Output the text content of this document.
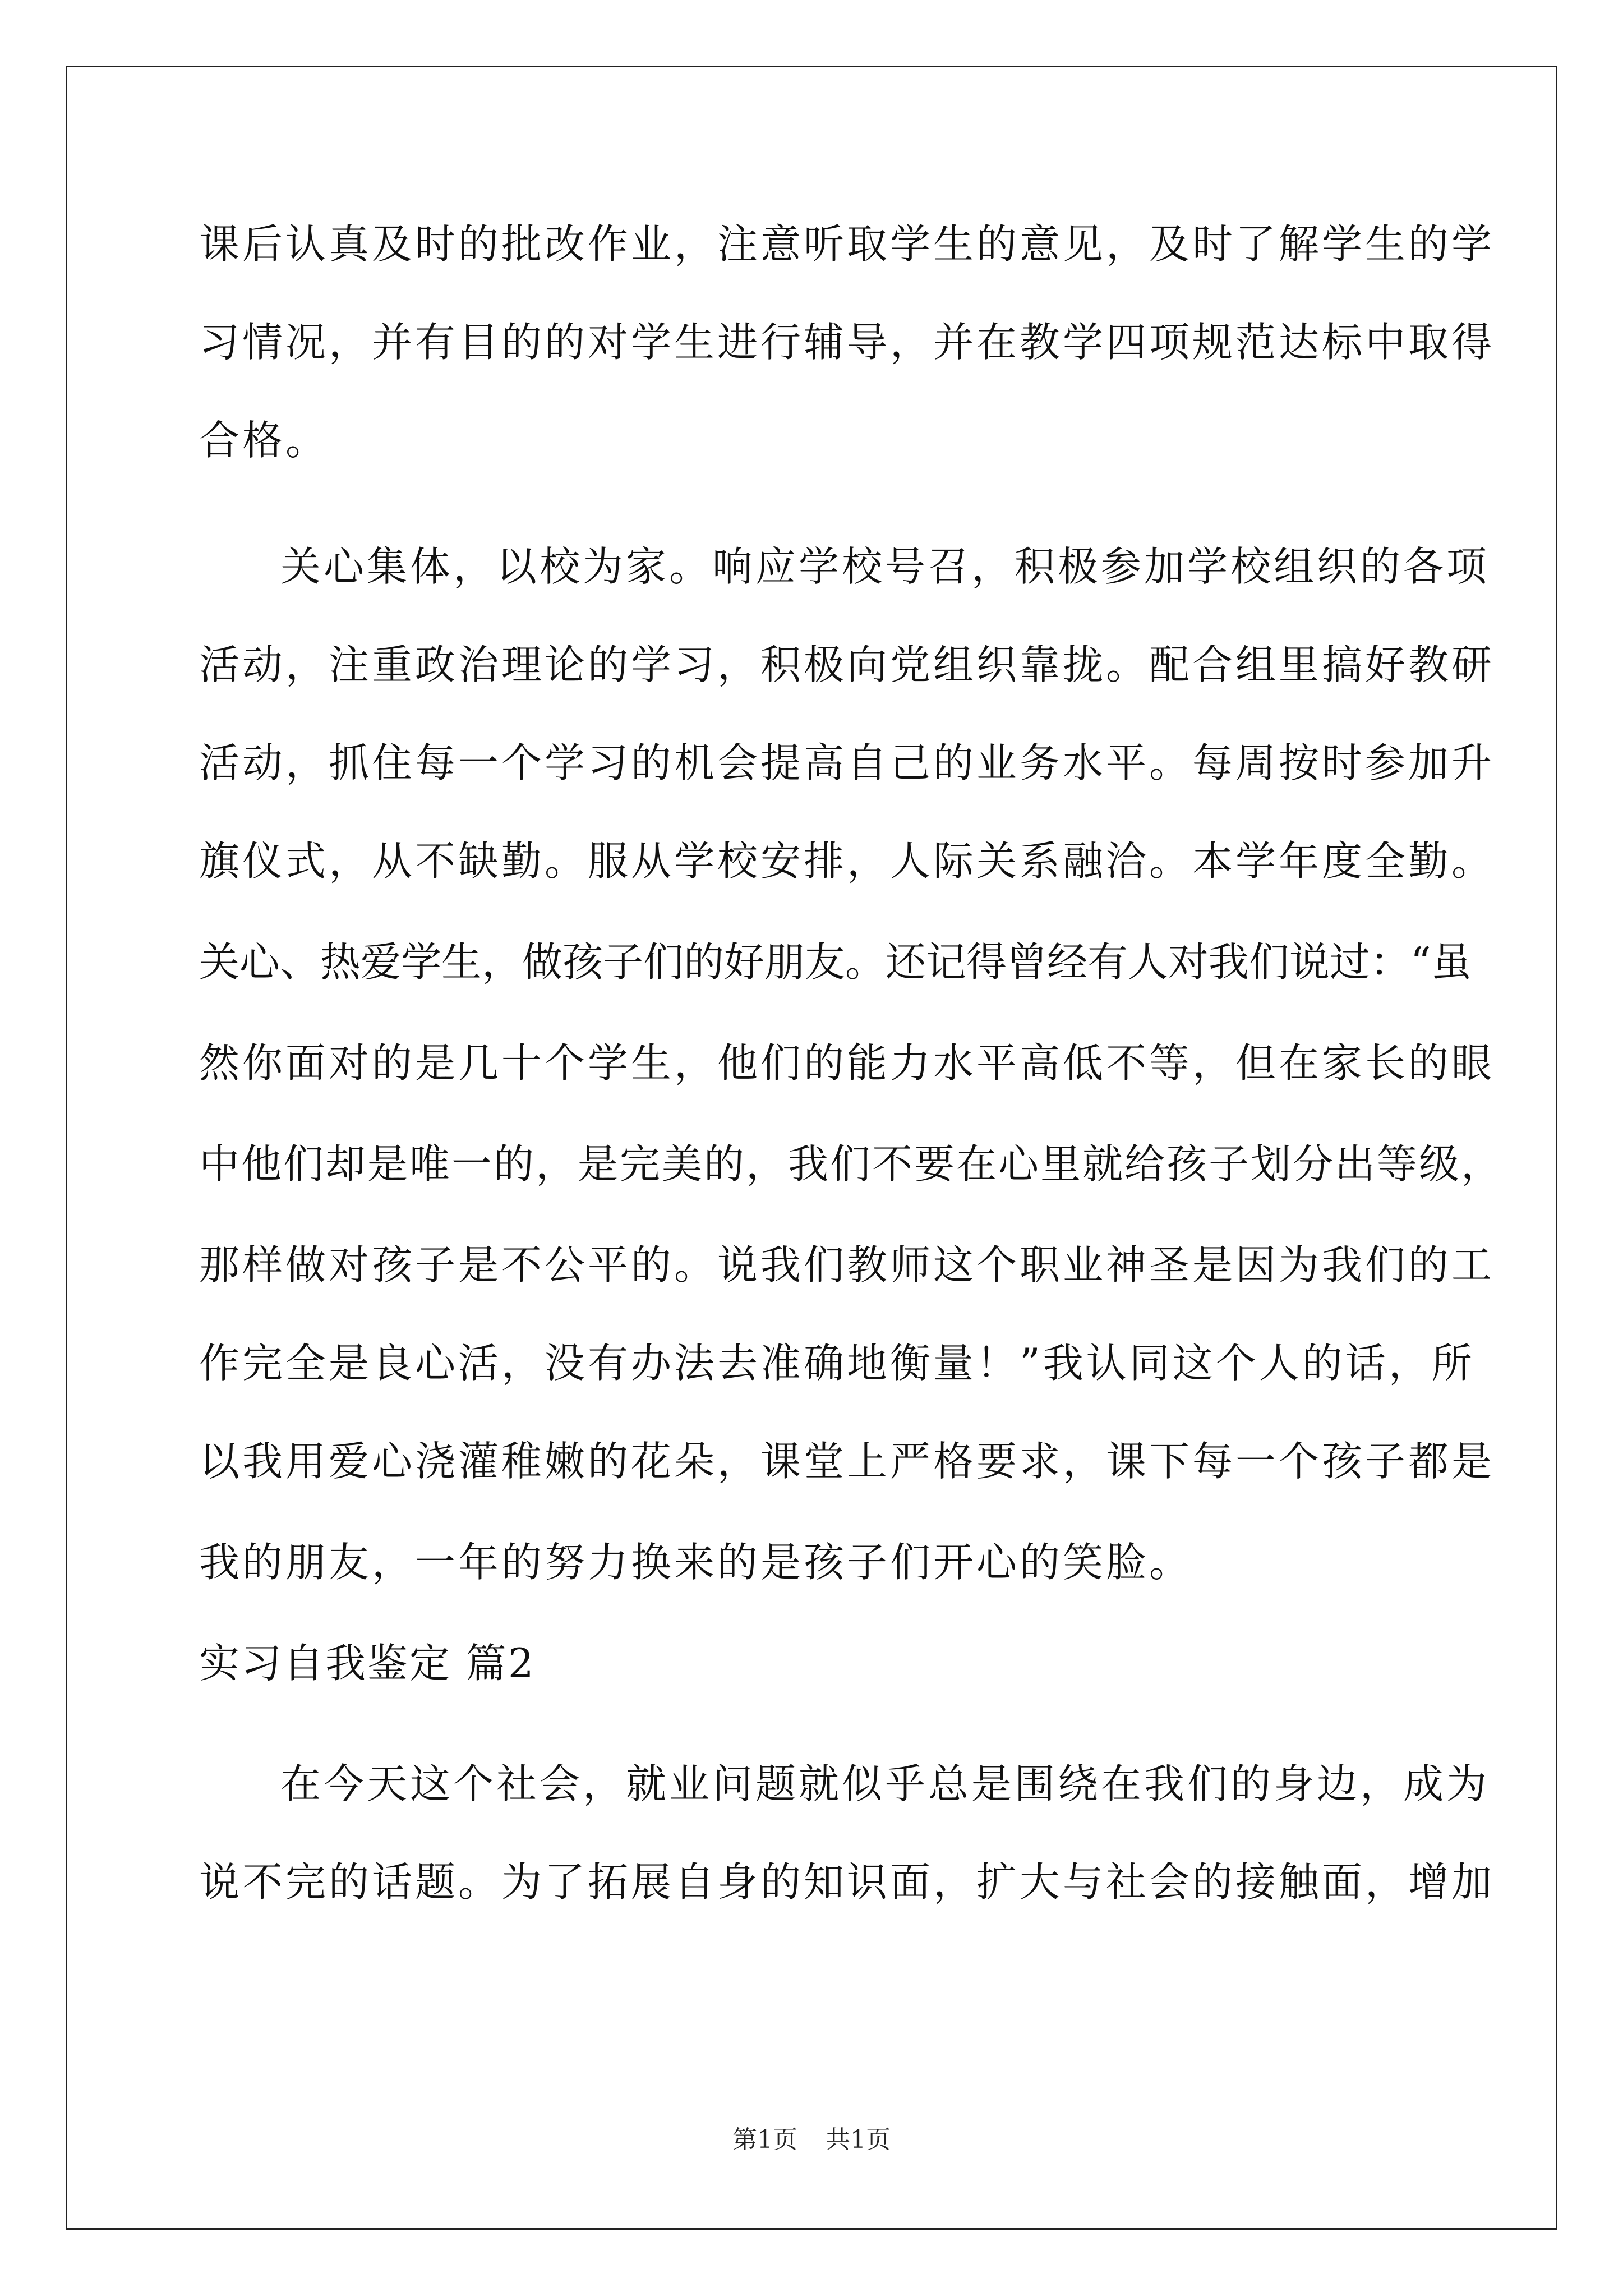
课后认真及时的批改作业，注意听取学生的意见，及时了解学生的学
习情况，并有目的的对学生进行辅导，并在教学四项规范达标中取得
合格。
关心集体，以校为家。响应学校号召，积极参加学校组织的各项
活动，注重政治理论的学习，积极向党组织靠拢。配合组里搞好教研
活动，抓住每一个学习的机会提高自己的业务水平。每周按时参加升
旗仪式，从不缺勤。服从学校安排，人际关系融洽。本学年度全勤。
关心、热爱学生，做孩子们的好朋友。还记得曾经有人对我们说过：“虽
然你面对的是几十个学生，他们的能力水平高低不等，但在家长的眼
中他们却是唯一的，是完美的，我们不要在心里就给孩子划分出等级，
那样做对孩子是不公平的。说我们教师这个职业神圣是因为我们的工
作完全是良心活，没有办法去准确地衡量！”我认同这个人的话，所
以我用爱心浇灌稚嫩的花朵，课堂上严格要求，课下每一个孩子都是
我的朋友，一年的努力换来的是孩子们开心的笑脸。
实习自我鉴定 篇2
在今天这个社会，就业问题就似乎总是围绕在我们的身边，成为
说不完的话题。为了拓展自身的知识面，扩大与社会的接触面，增加
第1页 共1页
